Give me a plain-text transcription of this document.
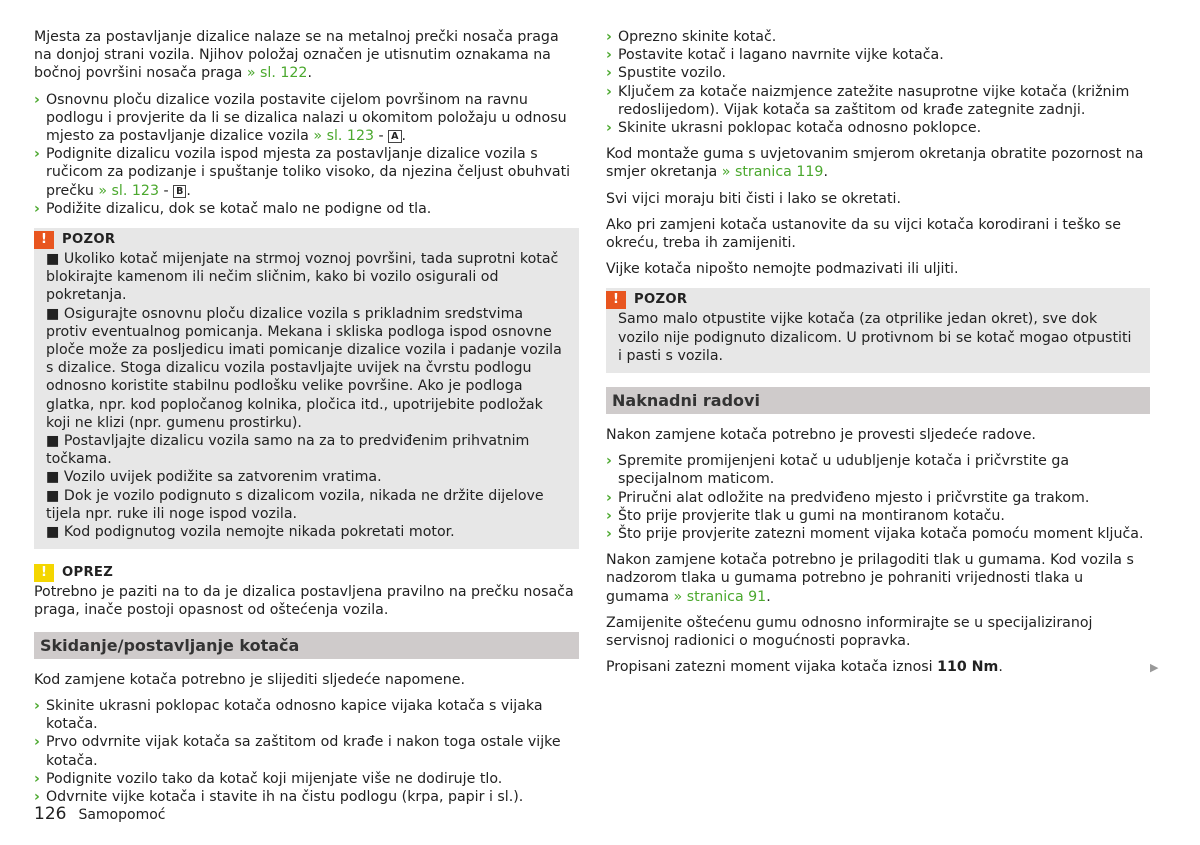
Mjesta za postavljanje dizalice nalaze se na metalnoj prečki nosača praga na donjoj strani vozila. Njihov položaj označen je utisnutim oznakama na bočnoj površini nosača praga » sl. 122.

› Osnovnu ploču dizalice vozila postavite cijelom površinom na ravnu podlogu i provjerite da li se dizalica nalazi u okomitom položaju u odnosu mjesto za postavljanje dizalice vozila » sl. 123 - A .
› Podignite dizalicu vozila ispod mjesta za postavljanje dizalice vozila s ručicom za podizanje i spuštanje toliko visoko, da njezina čeljust obuhvati prečku » sl. 123 - B .
› Podižite dizalicu, dok se kotač malo ne podigne od tla.
!	POZOR

■ Ukoliko kotač mijenjate na strmoj voznoj površini, tada suprotni kotač blokirajte kamenom ili nečim sličnim, kako bi vozilo osigurali od pokretanja.

■ Osigurajte osnovnu ploču dizalice vozila s prikladnim sredstvima protiv eventualnog pomicanja. Mekana i skliska podloga ispod osnovne ploče može za posljedicu imati pomicanje dizalice vozila i padanje vozila s dizalice. Stoga dizalicu vozila postavljajte uvijek na čvrstu podlogu odnosno koristite stabilnu podlošku velike površine. Ako je podloga glatka, npr. kod popločanog kolnika, pločica itd., upotrijebite podložak koji ne klizi (npr. gumenu prostirku).

■ Postavljajte dizalicu vozila samo na za to predviđenim prihvatnim točkama.

■ Vozilo uvijek podižite sa zatvorenim vratima.

■ Dok je vozilo podignuto s dizalicom vozila, nikada ne držite dijelove tijela npr. ruke ili noge ispod vozila.

■ Kod podignutog vozila nemojte nikada pokretati motor.

!	OPREZ

Potrebno je paziti na to da je dizalica postavljena pravilno na prečku nosača praga, inače postoji opasnost od oštećenja vozila.

Skidanje/postavljanje kotača

Kod zamjene kotača potrebno je slijediti sljedeće napomene.

› Skinite ukrasni poklopac kotača odnosno kapice vijaka kotača s vijaka kotača.
› Prvo odvrnite vijak kotača sa zaštitom od krađe i nakon toga ostale vijke kotača.
› Podignite vozilo tako da kotač koji mijenjate više ne dodiruje tlo.
› Odvrnite vijke kotača i stavite ih na čistu podlogu (krpa, papir i sl.).
› Oprezno skinite kotač.
› Postavite kotač i lagano navrnite vijke kotača.
› Spustite vozilo.
› Ključem za kotače naizmjence zatežite nasuprotne vijke kotača (križnim redoslijedom). Vijak kotača sa zaštitom od krađe zategnite zadnji.
› Skinite ukrasni poklopac kotača odnosno poklopce.

Kod montaže guma s uvjetovanim smjerom okretanja obratite pozornost na smjer okretanja » stranica 119.

Svi vijci moraju biti čisti i lako se okretati.

Ako pri zamjeni kotača ustanovite da su vijci kotača korodirani i teško se okreću, treba ih zamijeniti.

Vijke kotača nipošto nemojte podmazivati ili uljiti.

!	POZOR

Samo malo otpustite vijke kotača (za otprilike jedan okret), sve dok vozilo nije podignuto dizalicom. U protivnom bi se kotač mogao otpustiti i pasti s vozila.

Naknadni radovi

Nakon zamjene kotača potrebno je provesti sljedeće radove.

› Spremite promijenjeni kotač u udubljenje kotača i pričvrstite ga specijalnom maticom.
› Priručni alat odložite na predviđeno mjesto i pričvrstite ga trakom.
› Što prije provjerite tlak u gumi na montiranom kotaču.
› Što prije provjerite zatezni moment vijaka kotača pomoću moment ključa.

Nakon zamjene kotača potrebno je prilagoditi tlak u gumama. Kod vozila s nadzorom tlaka u gumama potrebno je pohraniti vrijednosti tlaka u gumama » stranica 91.

Zamijenite oštećenu gumu odnosno informirajte se u specijaliziranoj servisnoj radionici o mogućnosti popravka.

Propisani zatezni moment vijaka kotača iznosi 110 Nm.	▶
126 Samopomoć
